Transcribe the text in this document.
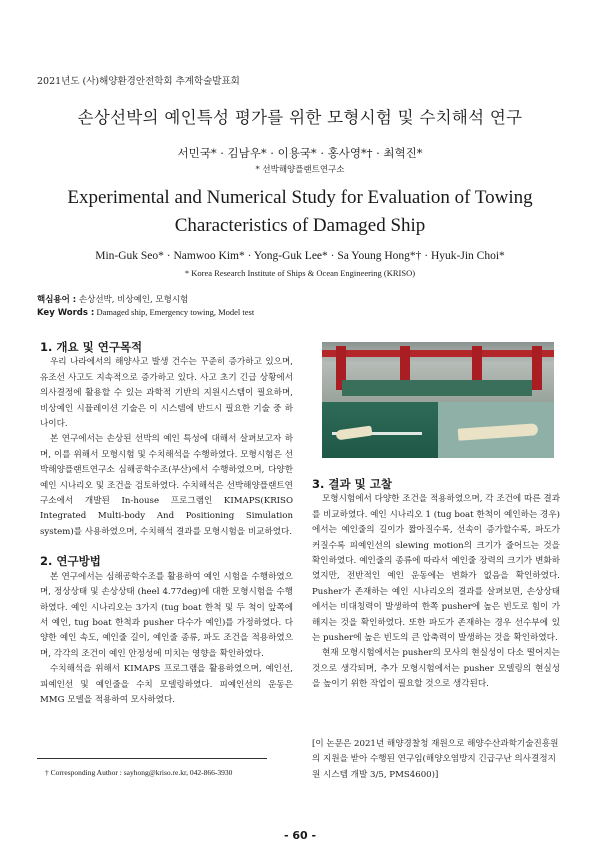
2021년도 (사)해양환경안전학회 추계학술발표회
손상선박의 예인특성 평가를 위한 모형시험 및 수치해석 연구
서민국* · 김남우* · 이용국* · 홍사영*† · 최혁진*
* 선박해양플랜트연구소
Experimental and Numerical Study for Evaluation of Towing Characteristics of Damaged Ship
Min-Guk Seo* · Namwoo Kim* · Yong-Guk Lee* · Sa Young Hong*† · Hyuk-Jin Choi*
* Korea Research Institute of Ships & Ocean Engineering (KRISO)
핵심용어 : 손상선박, 비상예인, 모형시험
Key Words : Damaged ship, Emergency towing, Model test
1. 개요 및 연구목적

우리 나라에서의 해양사고 발생 건수는 꾸준히 증가하고 있으며, 유조선 사고도 지속적으로 증가하고 있다. 사고 초기 긴급 상황에서 의사결정에 활용할 수 있는 과학적 기반의 지원시스템이 필요하며, 비상예인 시뮬레이션 기술은 이 시스템에 반드시 필요한 기술 중 하나이다.

본 연구에서는 손상된 선박의 예인 특성에 대해서 살펴보고자 하며, 이를 위해서 모형시험 및 수치해석을 수행하였다. 모형시험은 선박해양플랜트연구소 심해공학수조(부산)에서 수행하였으며, 다양한 예인 시나리오 및 조건을 검토하였다. 수치해석은 선박해양플랜트연구소에서 개발된 In-house 프로그램인 KIMAPS(KRISO Integrated Multi-body And Positioning Simulation system)를 사용하였으며, 수치해석 결과를 모형시험을 비교하였다.

2. 연구방법

본 연구에서는 심해공학수조를 활용하여 예인 시험을 수행하였으며, 정상상태 및 손상상태 (heel 4.77deg)에 대한 모형시험을 수행하였다. 예인 시나리오는 3가지 (tug boat 한척 및 두 척이 앞쪽에서 예인, tug boat 한척과 pusher 다수가 예인)를 가정하였다. 다양한 예인 속도, 예인줄 길이, 예인줄 종류, 파도 조건을 적용하였으며, 각각의 조건이 예인 안정성에 미치는 영향을 확인하였다.

수치해석을 위해서 KIMAPS 프로그램을 활용하였으며, 예인선, 피예인선 및 예인줄을 수치 모델링하였다. 피예인선의 운동은 MMG 모델을 적용하여 모사하였다.

3. 결과 및 고찰

모형시험에서 다양한 조건을 적용하였으며, 각 조건에 따른 결과를 비교하였다. 예인 시나리오 1 (tug boat 한척이 예인하는 경우)에서는 예인줄의 길이가 짧아질수록, 선속이 증가할수록, 파도가 커질수록 피예인선의 slewing motion의 크기가 줄어드는 것을 확인하였다. 예인줄의 종류에 따라서 예인줄 장력의 크기가 변화하였지만, 전반적인 예인 운동에는 변화가 없음을 확인하였다. Pusher가 존재하는 예인 시나리오의 결과를 살펴보면, 손상상태에서는 비대칭력이 발생하여 한쪽 pusher에 높은 빈도로 힘이 가해지는 것을 확인하였다. 또한 파도가 존재하는 경우 선수부에 있는 pusher에 높은 빈도의 큰 압축력이 발생하는 것을 확인하였다.

현재 모형시험에서는 pusher의 모사의 현실성이 다소 떨어지는 것으로 생각되며, 추가 모형시험에서는 pusher 모델링의 현실성을 높이기 위한 작업이 필요할 것으로 생각된다.

[이 논문은 2021년 해양경찰청 재원으로 해양수산과학기술진흥원의 지원을 받아 수행된 연구임(해양오염방지 긴급구난 의사결정지원 시스템 개발 3/5, PMS4600)]
† Corresponding Author : sayhong@kriso.re.kr, 042-866-3930
- 60 -
